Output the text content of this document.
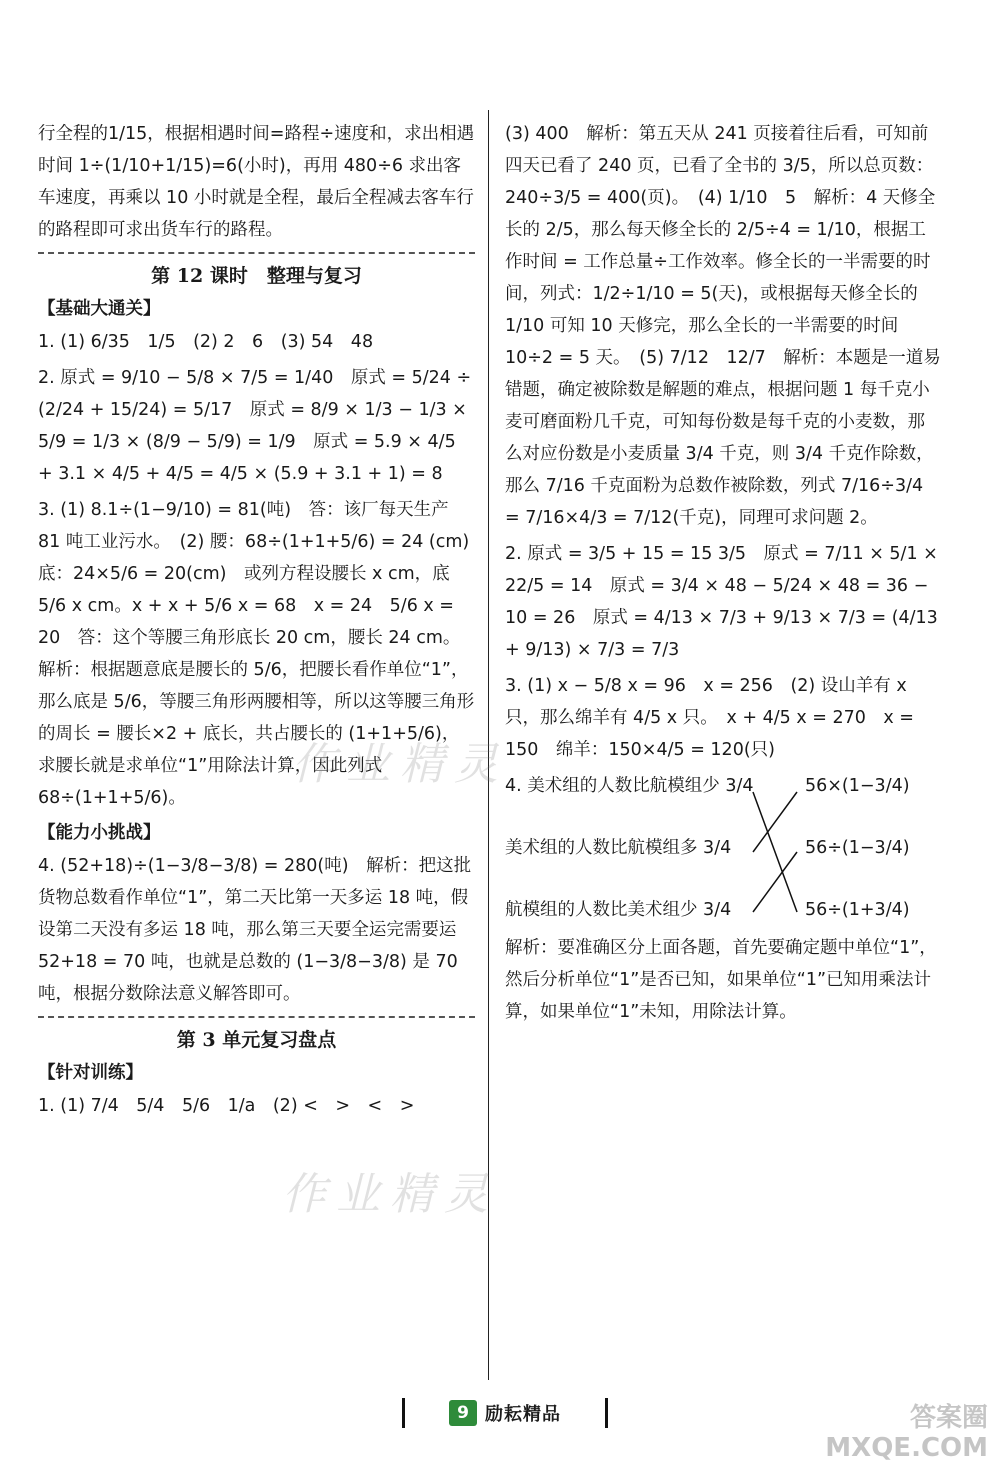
行全程的1/15，根据相遇时间=路程÷速度和，求出相遇时间 1÷(1/10+1/15)=6(小时)，再用 480÷6 求出客车速度，再乘以 10 小时就是全程，最后全程减去客车行的路程即可求出货车行的路程。

第 12 课时　整理与复习
【基础大通关】

1. (1) 6/35　1/5　(2) 2　6　(3) 54　48

2. 原式 = 9/10 − 5/8 × 7/5 = 1/40　原式 = 5/24 ÷ (2/24 + 15/24) = 5/17　原式 = 8/9 × 1/3 − 1/3 × 5/9 = 1/3 × (8/9 − 5/9) = 1/9　原式 = 5.9 × 4/5 + 3.1 × 4/5 + 4/5 = 4/5 × (5.9 + 3.1 + 1) = 8

3. (1) 8.1÷(1−9/10) = 81(吨)　答：该厂每天生产 81 吨工业污水。　(2) 腰：68÷(1+1+5/6) = 24 (cm)　底：24×5/6 = 20(cm)　或列方程设腰长 x cm，底 5/6 x cm。x + x + 5/6 x = 68　x = 24　5/6 x = 20　答：这个等腰三角形底长 20 cm，腰长 24 cm。　解析：根据题意底是腰长的 5/6，把腰长看作单位“1”，那么底是 5/6，等腰三角形两腰相等，所以这等腰三角形的周长 = 腰长×2 + 底长，共占腰长的 (1+1+5/6)，求腰长就是求单位“1”用除法计算，因此列式 68÷(1+1+5/6)。

【能力小挑战】

4. (52+18)÷(1−3/8−3/8) = 280(吨)　解析：把这批货物总数看作单位“1”，第二天比第一天多运 18 吨，假设第二天没有多运 18 吨，那么第三天要全运完需要运 52+18 = 70 吨，也就是总数的 (1−3/8−3/8) 是 70 吨，根据分数除法意义解答即可。

第 3 单元复习盘点
【针对训练】

1. (1) 7/4　5/4　5/6　1/a　(2) <　>　<　>

(3) 400　解析：第五天从 241 页接着往后看，可知前四天已看了 240 页，已看了全书的 3/5，所以总页数：240÷3/5 = 400(页)。　(4) 1/10　5　解析：4 天修全长的 2/5，那么每天修全长的 2/5÷4 = 1/10，根据工作时间 = 工作总量÷工作效率。修全长的一半需要的时间，列式：1/2÷1/10 = 5(天)，或根据每天修全长的 1/10 可知 10 天修完，那么全长的一半需要的时间 10÷2 = 5 天。　(5) 7/12　12/7　解析：本题是一道易错题，确定被除数是解题的难点，根据问题 1 每千克小麦可磨面粉几千克，可知每份数是每千克的小麦数，那么对应份数是小麦质量 3/4 千克，则 3/4 千克作除数，那么 7/16 千克面粉为总数作被除数，列式 7/16÷3/4 = 7/16×4/3 = 7/12(千克)，同理可求问题 2。

2. 原式 = 3/5 + 15 = 15 3/5　原式 = 7/11 × 5/1 × 22/5 = 14　原式 = 3/4 × 48 − 5/24 × 48 = 36 − 10 = 26　原式 = 4/13 × 7/3 + 9/13 × 7/3 = (4/13 + 9/13) × 7/3 = 7/3

3. (1) x − 5/8 x = 96　x = 256　(2) 设山羊有 x 只，那么绵羊有 4/5 x 只。　x + 4/5 x = 270　x = 150　绵羊：150×4/5 = 120(只)

4. 美术组的人数比航模组少 3/4
美术组的人数比航模组多 3/4
航模组的人数比美术组少 3/4
56×(1−3/4)
56÷(1−3/4)
56÷(1+3/4)

解析：要准确区分上面各题，首先要确定题中单位“1”，然后分析单位“1”是否已知，如果单位“1”已知用乘法计算，如果单位“1”未知，用除法计算。

作业精灵
作业精灵
9 励耘精品	答案圈
MXQE.COM
